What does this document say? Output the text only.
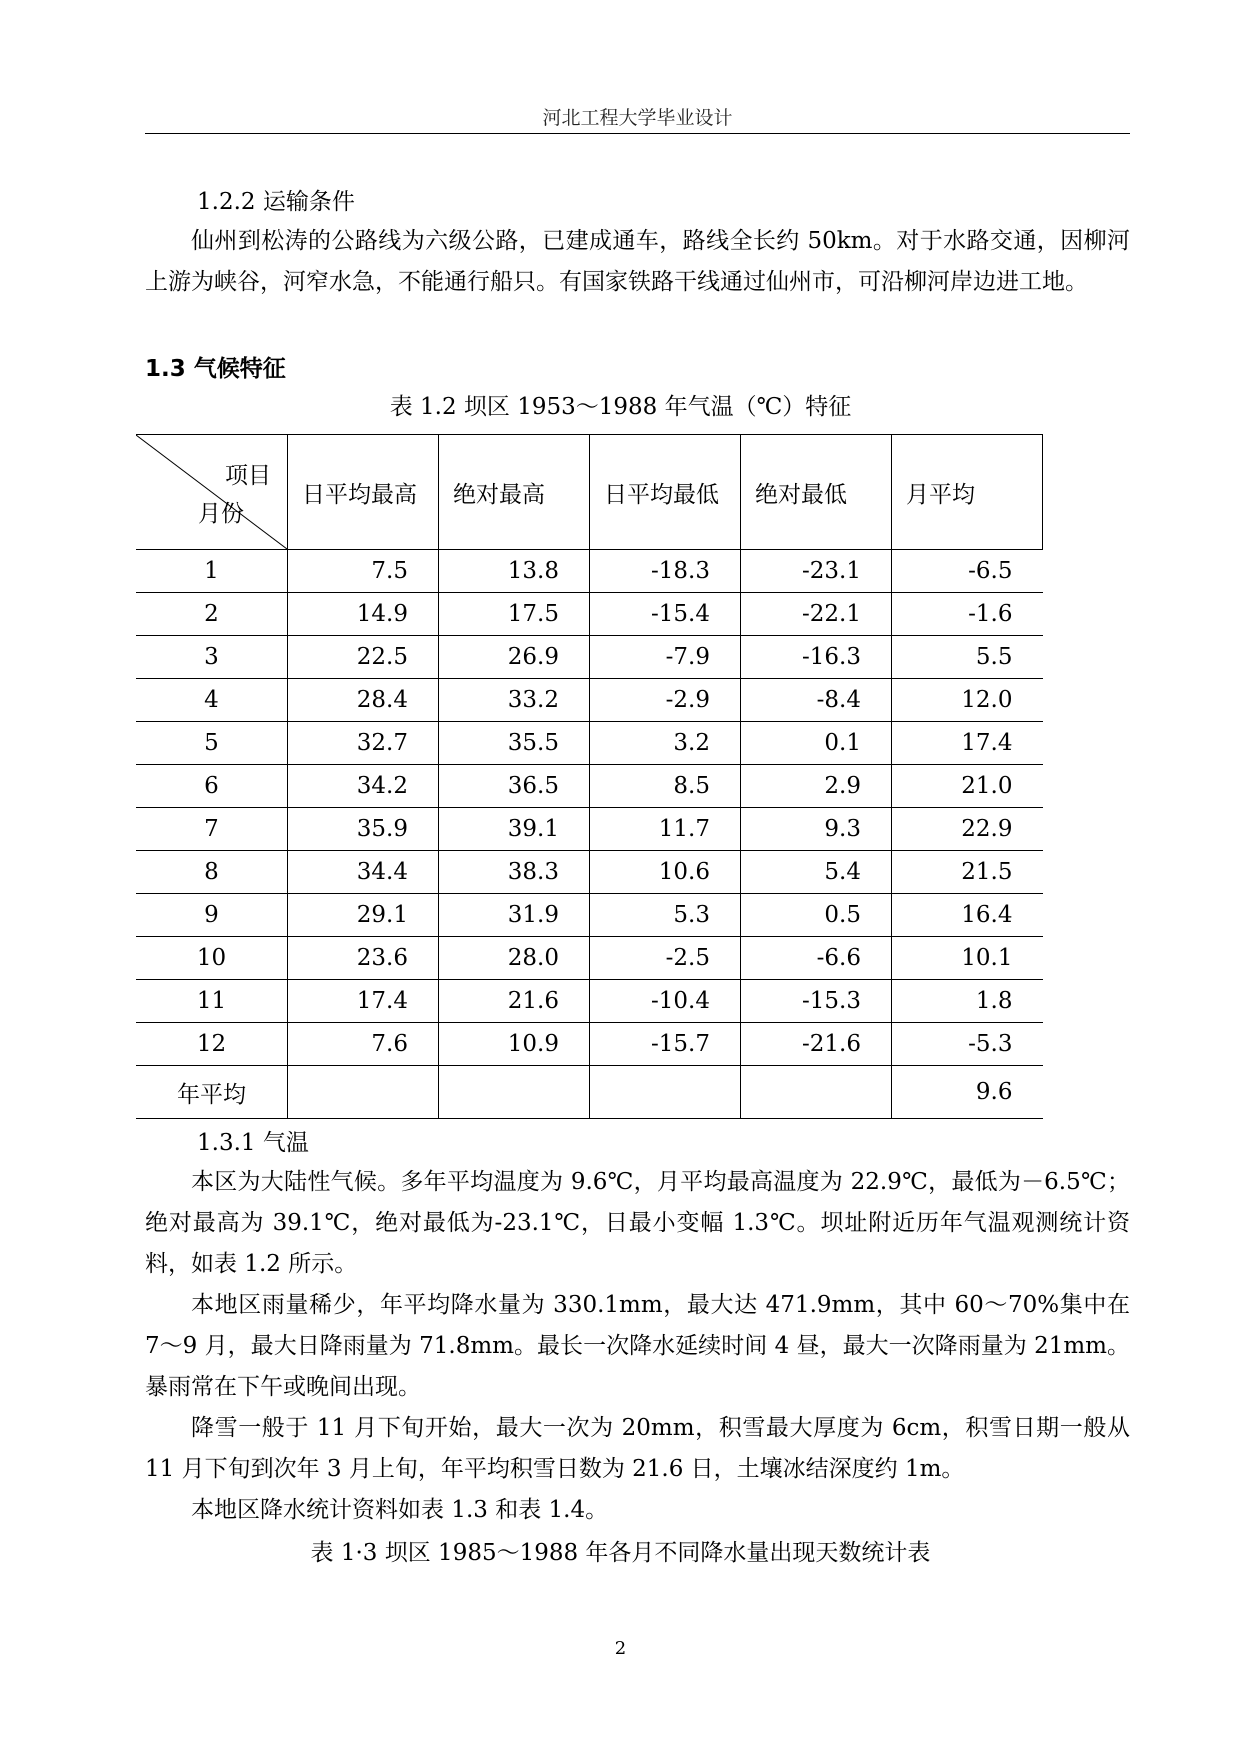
河北工程大学毕业设计
1.2.2 运输条件

仙州到松涛的公路线为六级公路，已建成通车，路线全长约 50km。对于水路交通，因柳河上游为峡谷，河窄水急，不能通行船只。有国家铁路干线通过仙州市，可沿柳河岸边进工地。

1.3 气候特征
表 1.2 坝区 1953～1988 年气温（℃）特征
项目
月份	日平均最高	绝对最高	日平均最低	绝对最低	月平均
1	7.5	13.8	-18.3	-23.1	-6.5
2	14.9	17.5	-15.4	-22.1	-1.6
3	22.5	26.9	-7.9	-16.3	5.5
4	28.4	33.2	-2.9	-8.4	12.0
5	32.7	35.5	3.2	0.1	17.4
6	34.2	36.5	8.5	2.9	21.0
7	35.9	39.1	11.7	9.3	22.9
8	34.4	38.3	10.6	5.4	21.5
9	29.1	31.9	5.3	0.5	16.4
10	23.6	28.0	-2.5	-6.6	10.1
11	17.4	21.6	-10.4	-15.3	1.8
12	7.6	10.9	-15.7	-21.6	-5.3
年平均					9.6
1.3.1 气温

本区为大陆性气候。多年平均温度为 9.6℃，月平均最高温度为 22.9℃，最低为－6.5℃；绝对最高为 39.1℃，绝对最低为-23.1℃，日最小变幅 1.3℃。坝址附近历年气温观测统计资料，如表 1.2 所示。

本地区雨量稀少，年平均降水量为 330.1mm，最大达 471.9mm，其中 60～70%集中在 7～9 月，最大日降雨量为 71.8mm。最长一次降水延续时间 4 昼，最大一次降雨量为 21mm。暴雨常在下午或晚间出现。

降雪一般于 11 月下旬开始，最大一次为 20mm，积雪最大厚度为 6cm，积雪日期一般从 11 月下旬到次年 3 月上旬，年平均积雪日数为 21.6 日，土壤冰结深度约 1m。

本地区降水统计资料如表 1.3 和表 1.4。

表 1·3 坝区 1985～1988 年各月不同降水量出现天数统计表
2
